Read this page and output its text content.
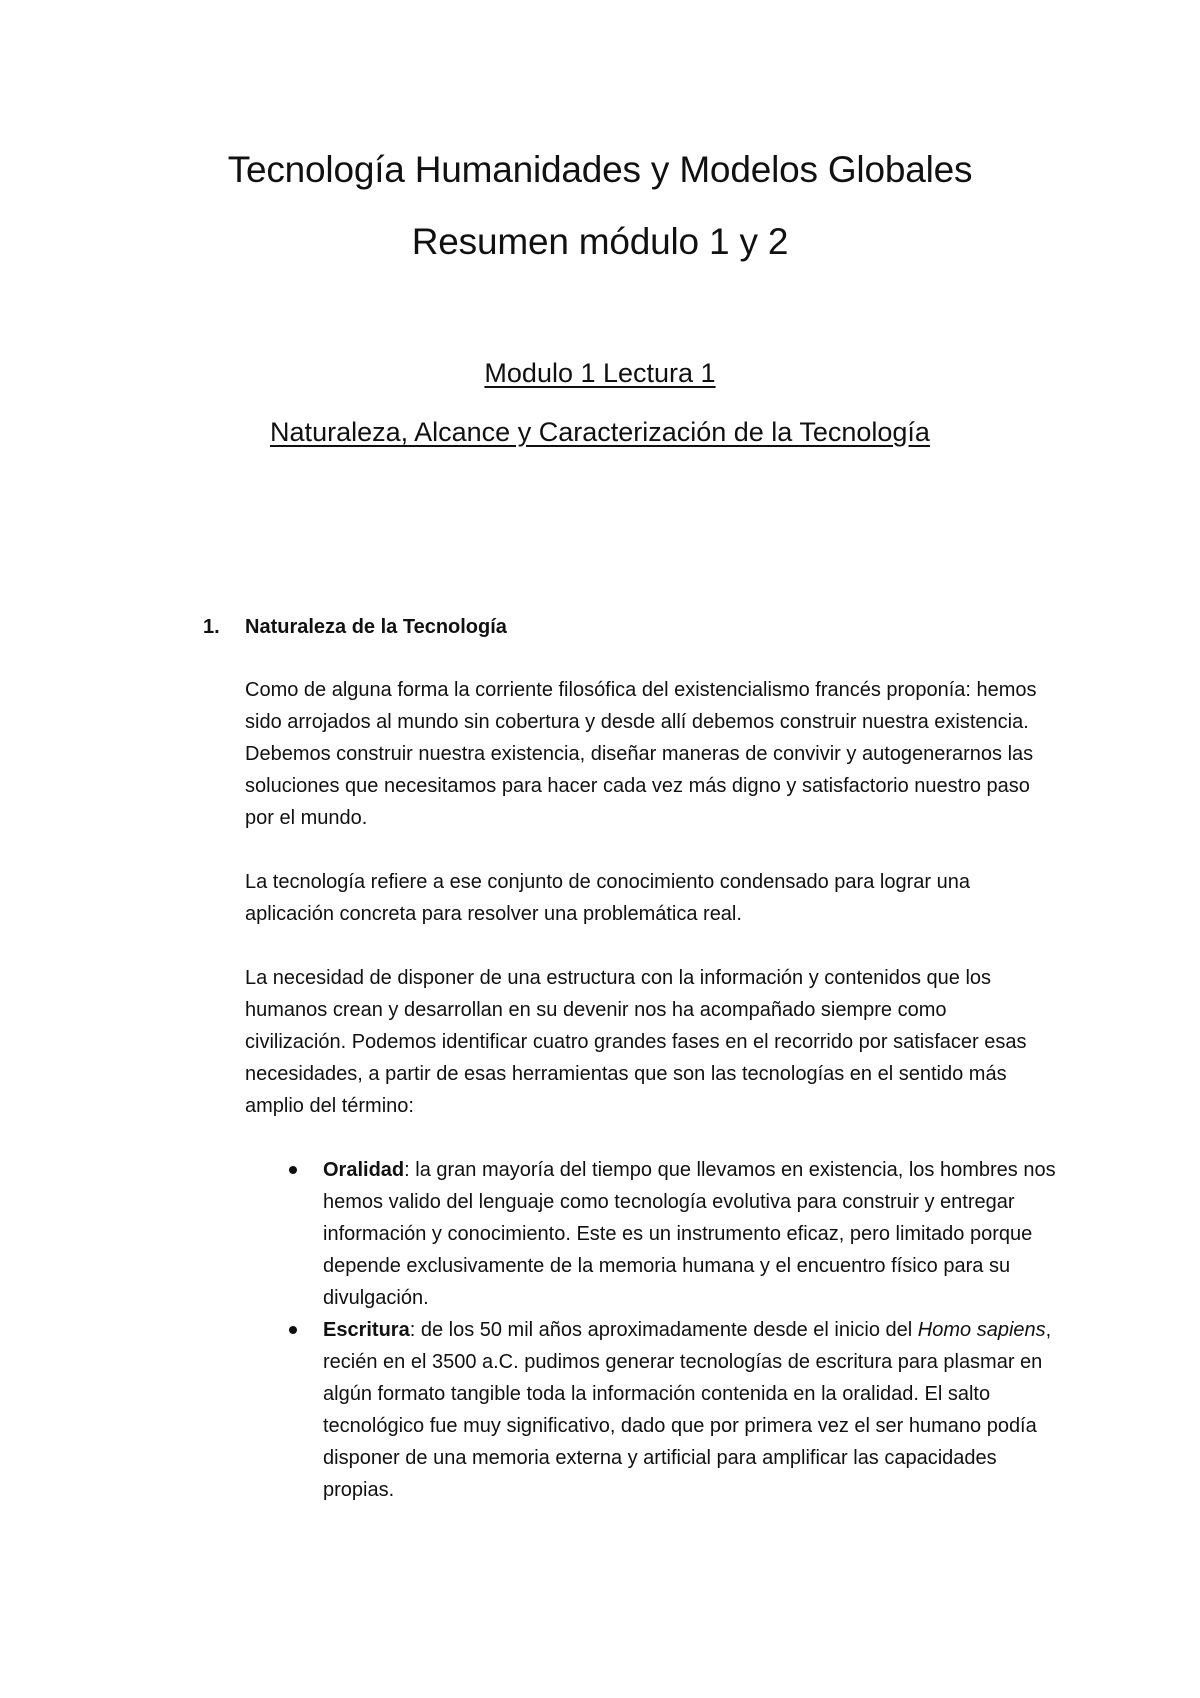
Tecnología Humanidades y Modelos Globales
Resumen módulo 1 y 2
Modulo 1 Lectura 1
Naturaleza, Alcance y Caracterización de la Tecnología
1. Naturaleza de la Tecnología

Como de alguna forma la corriente filosófica del existencialismo francés proponía: hemos sido arrojados al mundo sin cobertura y desde allí debemos construir nuestra existencia. Debemos construir nuestra existencia, diseñar maneras de convivir y autogenerarnos las soluciones que necesitamos para hacer cada vez más digno y satisfactorio nuestro paso por el mundo.

La tecnología refiere a ese conjunto de conocimiento condensado para lograr una aplicación concreta para resolver una problemática real.

La necesidad de disponer de una estructura con la información y contenidos que los humanos crean y desarrollan en su devenir nos ha acompañado siempre como civilización. Podemos identificar cuatro grandes fases en el recorrido por satisfacer esas necesidades, a partir de esas herramientas que son las tecnologías en el sentido más amplio del término:

Oralidad: la gran mayoría del tiempo que llevamos en existencia, los hombres nos hemos valido del lenguaje como tecnología evolutiva para construir y entregar información y conocimiento. Este es un instrumento eficaz, pero limitado porque depende exclusivamente de la memoria humana y el encuentro físico para su divulgación.
Escritura: de los 50 mil años aproximadamente desde el inicio del Homo sapiens, recién en el 3500 a.C. pudimos generar tecnologías de escritura para plasmar en algún formato tangible toda la información contenida en la oralidad. El salto tecnológico fue muy significativo, dado que por primera vez el ser humano podía disponer de una memoria externa y artificial para amplificar las capacidades propias.
